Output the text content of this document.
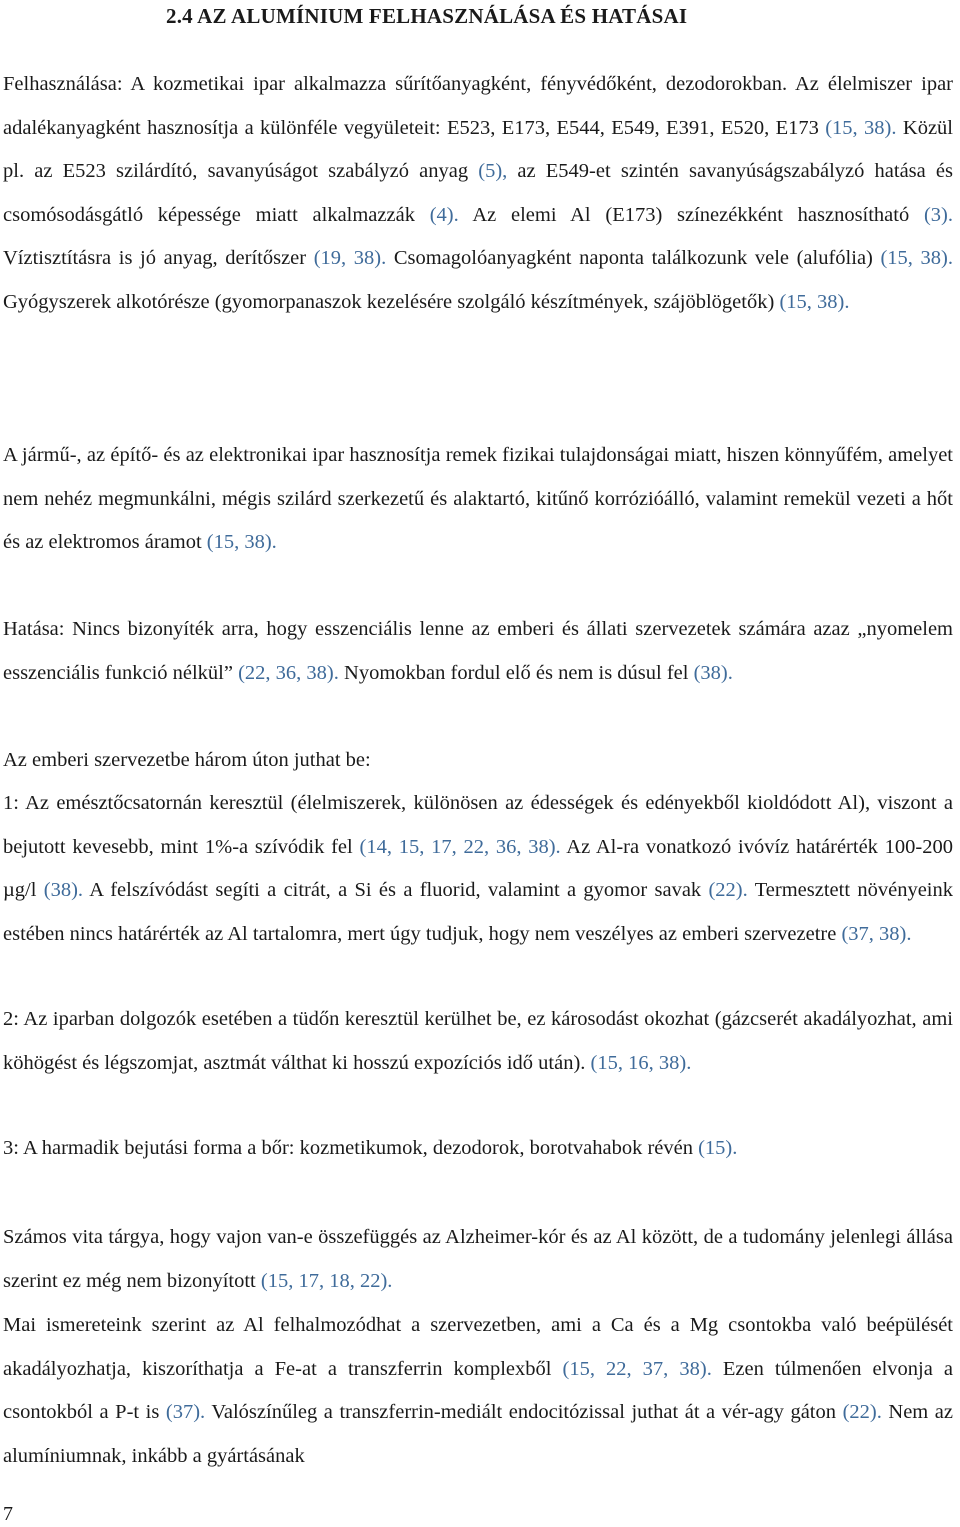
2.4 AZ ALUMÍNIUM FELHASZNÁLÁSA ÉS HATÁSAI

Felhasználása: A kozmetikai ipar alkalmazza sűrítőanyagként, fényvédőként, dezodorokban. Az élelmiszer ipar adalékanyagként hasznosítja a különféle vegyületeit: E523, E173, E544, E549, E391, E520, E173 (15, 38). Közül pl. az E523 szilárdító, savanyúságot szabályzó anyag (5), az E549-et szintén savanyúságszabályzó hatása és csomósodásgátló képessége miatt alkalmazzák (4). Az elemi Al (E173) színezékként hasznosítható (3). Víztisztításra is jó anyag, derítőszer (19, 38). Csomagolóanyagként naponta találkozunk vele (alufólia) (15, 38). Gyógyszerek alkotórésze (gyomorpanaszok kezelésére szolgáló készítmények, szájöblögetők) (15, 38).

A jármű-, az építő- és az elektronikai ipar hasznosítja remek fizikai tulajdonságai miatt, hiszen könnyűfém, amelyet nem nehéz megmunkálni, mégis szilárd szerkezetű és alaktartó, kitűnő korrózióálló, valamint remekül vezeti a hőt és az elektromos áramot (15, 38).

Hatása: Nincs bizonyíték arra, hogy esszenciális lenne az emberi és állati szervezetek számára azaz „nyomelem esszenciális funkció nélkül” (22, 36, 38). Nyomokban fordul elő és nem is dúsul fel (38).

Az emberi szervezetbe három úton juthat be:

1: Az emésztőcsatornán keresztül (élelmiszerek, különösen az édességek és edényekből kioldódott Al), viszont a bejutott kevesebb, mint 1%-a szívódik fel (14, 15, 17, 22, 36, 38). Az Al-ra vonatkozó ivóvíz határérték 100-200 µg/l (38). A felszívódást segíti a citrát, a Si és a fluorid, valamint a gyomor savak (22). Termesztett növényeink estében nincs határérték az Al tartalomra, mert úgy tudjuk, hogy nem veszélyes az emberi szervezetre (37, 38).

2: Az iparban dolgozók esetében a tüdőn keresztül kerülhet be, ez károsodást okozhat (gázcserét akadályozhat, ami köhögést és légszomjat, asztmát válthat ki hosszú expozíciós idő után). (15, 16, 38).

3: A harmadik bejutási forma a bőr: kozmetikumok, dezodorok, borotvahabok révén (15).

Számos vita tárgya, hogy vajon van-e összefüggés az Alzheimer-kór és az Al között, de a tudomány jelenlegi állása szerint ez még nem bizonyított (15, 17, 18, 22).

Mai ismereteink szerint az Al felhalmozódhat a szervezetben, ami a Ca és a Mg csontokba való beépülését akadályozhatja, kiszoríthatja a Fe-at a transzferrin komplexből (15, 22, 37, 38). Ezen túlmenően elvonja a csontokból a P-t is (37). Valószínűleg a transzferrin-mediált endocitózissal juthat át a vér-agy gáton (22). Nem az alumíniumnak, inkább a gyártásának

7
